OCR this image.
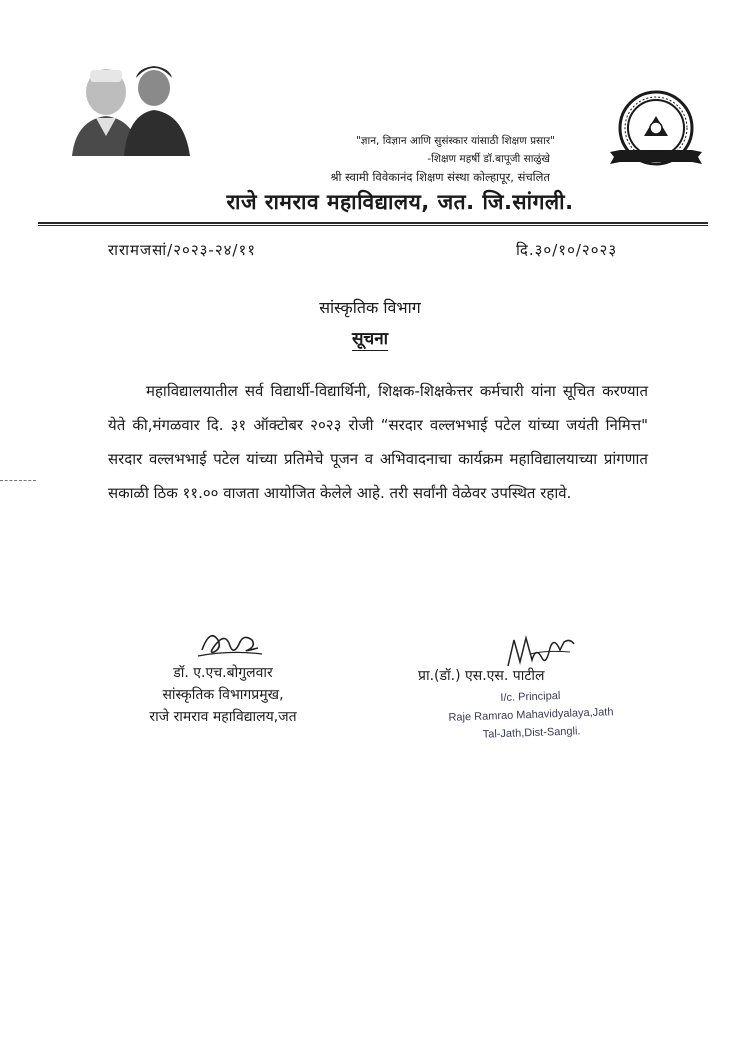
"ज्ञान, विज्ञान आणि सुसंस्कार यांसाठी शिक्षण प्रसार"
-शिक्षण महर्षी डॉ.बापूजी साळुंखे
श्री स्वामी विवेकानंद शिक्षण संस्था कोल्हापूर, संचलित
राजे रामराव महाविद्यालय, जत. जि.सांगली.
रारामजसां/२०२३-२४/११	दि.३०/१०/२०२३
सांस्कृतिक विभाग
सूचना
महाविद्यालयातील सर्व विद्यार्थी-विद्यार्थिनी, शिक्षक-शिक्षकेत्तर कर्मचारी यांना सूचित करण्यात येते की,मंगळवार दि. ३१ ऑक्टोबर २०२३ रोजी “सरदार वल्लभभाई पटेल यांच्या जयंती निमित्त" सरदार वल्लभभाई पटेल यांच्या प्रतिमेचे पूजन व अभिवादनाचा कार्यक्रम महाविद्यालयाच्या प्रांगणात सकाळी ठिक ११.०० वाजता आयोजित केलेले आहे. तरी सर्वांनी वेळेवर उपस्थित रहावे.
डॉ. ए.एच.बोगुलवार
सांस्कृतिक विभागप्रमुख,
राजे रामराव महाविद्यालय,जत
प्रा.(डॉ.) एस.एस. पाटील
I/c. Principal
Raje Ramrao Mahavidyalaya,Jath
Tal-Jath,Dist-Sangli.
